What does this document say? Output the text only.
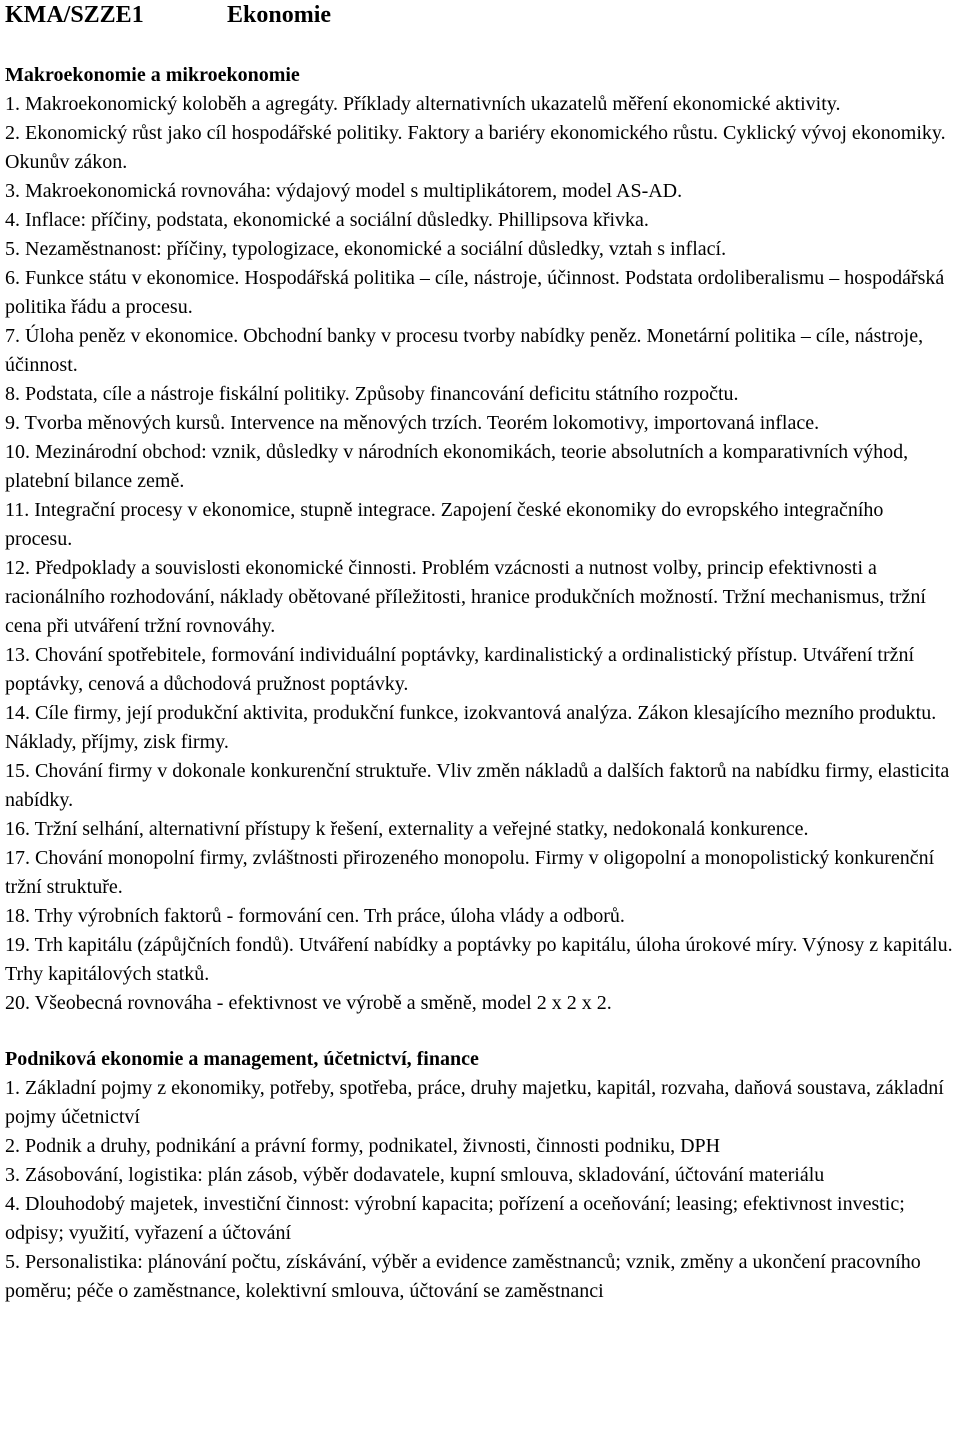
KMA/SZZE1	Ekonomie
Makroekonomie a mikroekonomie
1. Makroekonomický koloběh a agregáty. Příklady alternativních ukazatelů měření ekonomické aktivity.
2. Ekonomický růst jako cíl hospodářské politiky. Faktory a bariéry ekonomického růstu. Cyklický vývoj ekonomiky. Okunův zákon.
3. Makroekonomická rovnováha: výdajový model s multiplikátorem, model AS-AD.
4. Inflace: příčiny, podstata, ekonomické a sociální důsledky. Phillipsova křivka.
5. Nezaměstnanost: příčiny, typologizace, ekonomické a sociální důsledky, vztah s inflací.
6. Funkce státu v ekonomice. Hospodářská politika – cíle, nástroje, účinnost. Podstata ordoliberalismu – hospodářská politika řádu a procesu.
7. Úloha peněz v ekonomice. Obchodní banky v procesu tvorby nabídky peněz. Monetární politika – cíle, nástroje, účinnost.
8. Podstata, cíle a nástroje fiskální politiky. Způsoby financování deficitu státního rozpočtu.
9. Tvorba měnových kursů. Intervence na měnových trzích. Teorém lokomotivy, importovaná inflace.
10. Mezinárodní obchod: vznik, důsledky v národních ekonomikách, teorie absolutních a komparativních výhod, platební bilance země.
11. Integrační procesy v ekonomice, stupně integrace. Zapojení české ekonomiky do evropského integračního procesu.
12. Předpoklady a souvislosti ekonomické činnosti. Problém vzácnosti a nutnost volby, princip efektivnosti a racionálního rozhodování, náklady obětované příležitosti, hranice produkčních možností. Tržní mechanismus, tržní cena při utváření tržní rovnováhy.
13. Chování spotřebitele, formování individuální poptávky, kardinalistický a ordinalistický přístup. Utváření tržní poptávky, cenová a důchodová pružnost poptávky.
14. Cíle firmy, její produkční aktivita, produkční funkce, izokvantová analýza. Zákon klesajícího mezního produktu. Náklady, příjmy, zisk firmy.
15. Chování firmy v dokonale konkurenční struktuře. Vliv změn nákladů a dalších faktorů na nabídku firmy, elasticita nabídky.
16. Tržní selhání, alternativní přístupy k řešení, externality a veřejné statky, nedokonalá konkurence.
17. Chování monopolní firmy, zvláštnosti přirozeného monopolu. Firmy v oligopolní a monopolistický konkurenční tržní struktuře.
18. Trhy výrobních faktorů - formování cen. Trh práce, úloha vlády a odborů.
19. Trh kapitálu (zápůjčních fondů). Utváření nabídky a poptávky po kapitálu, úloha úrokové míry. Výnosy z kapitálu. Trhy kapitálových statků.
20. Všeobecná rovnováha - efektivnost ve výrobě a směně, model 2 x 2 x 2.
Podniková ekonomie a management, účetnictví, finance
1. Základní pojmy z ekonomiky, potřeby, spotřeba, práce, druhy majetku, kapitál, rozvaha, daňová soustava, základní pojmy účetnictví
2. Podnik a druhy, podnikání a právní formy, podnikatel, živnosti, činnosti podniku, DPH
3. Zásobování, logistika: plán zásob, výběr dodavatele, kupní smlouva, skladování, účtování materiálu
4. Dlouhodobý majetek, investiční činnost: výrobní kapacita; pořízení a oceňování; leasing; efektivnost investic; odpisy; využití, vyřazení a účtování
5. Personalistika: plánování počtu, získávání, výběr a evidence zaměstnanců; vznik, změny a ukončení pracovního poměru; péče o zaměstnance, kolektivní smlouva, účtování se zaměstnanci
